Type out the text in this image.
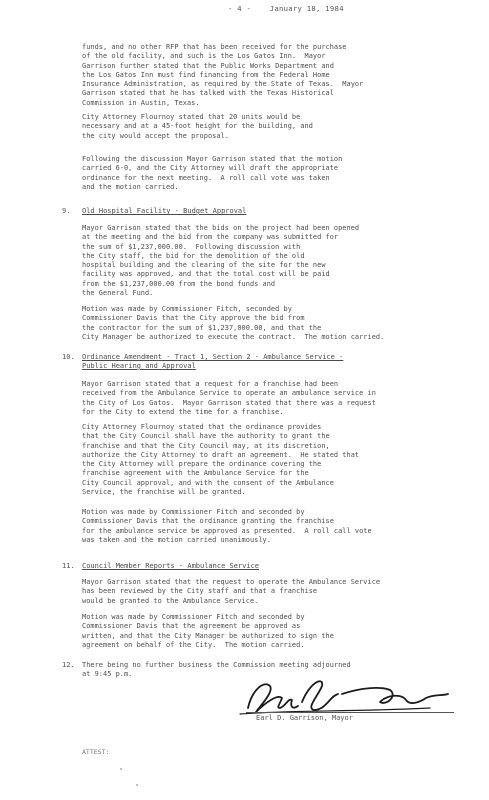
- 4 -	January 18, 1984
funds, and no other RFP that has been received for the purchase
of the old facility, and such is the Los Gatos Inn.  Mayor
Garrison further stated that the Public Works Department and
the Los Gatos Inn must find financing from the Federal Home
Insurance Administration, as required by the State of Texas.  Mayor
Garrison stated that he has talked with the Texas Historical
Commission in Austin, Texas.
City Attorney Flournoy stated that 20 units would be
necessary and at a 45-foot height for the building, and
the city would accept the proposal.
Following the discussion Mayor Garrison stated that the motion
carried 6-0, and the City Attorney will draft the appropriate
ordinance for the next meeting.  A roll call vote was taken
and the motion carried.
9. Old Hospital Facility - Budget Approval
Mayor Garrison stated that the bids on the project had been opened
at the meeting and the bid from the company was submitted for
the sum of $1,237,000.00.  Following discussion with
the City staff, the bid for the demolition of the old
hospital building and the clearing of the site for the new
facility was approved, and that the total cost will be paid
from the $1,237,000.00 from the bond funds and
the General Fund.
Motion was made by Commissioner Fitch, seconded by
Commissioner Davis that the City approve the bid from
the contractor for the sum of $1,237,000.00, and that the
City Manager be authorized to execute the contract.  The motion carried.
10. Ordinance Amendment - Tract 1, Section 2 - Ambulance Service -
Public Hearing and Approval
Mayor Garrison stated that a request for a franchise had been
received from the Ambulance Service to operate an ambulance service in
the City of Los Gatos.  Mayor Garrison stated that there was a request
for the City to extend the time for a franchise.
City Attorney Flournoy stated that the ordinance provides
that the City Council shall have the authority to grant the
franchise and that the City Council may, at its discretion,
authorize the City Attorney to draft an agreement.  He stated that
the City Attorney will prepare the ordinance covering the
franchise agreement with the Ambulance Service for the
City Council approval, and with the consent of the Ambulance
Service, the franchise will be granted.
Motion was made by Commissioner Fitch and seconded by
Commissioner Davis that the ordinance granting the franchise
for the ambulance service be approved as presented.  A roll call vote
was taken and the motion carried unanimously.
11. Council Member Reports - Ambulance Service
Mayor Garrison stated that the request to operate the Ambulance Service
has been reviewed by the City staff and that a franchise
would be granted to the Ambulance Service.
Motion was made by Commissioner Fitch and seconded by
Commissioner Davis that the agreement be approved as
written, and that the City Manager be authorized to sign the
agreement on behalf of the City.  The motion carried.
12. There being no further business the Commission meeting adjourned
at 9:45 p.m.
Earl D. Garrison, Mayor
ATTEST:
